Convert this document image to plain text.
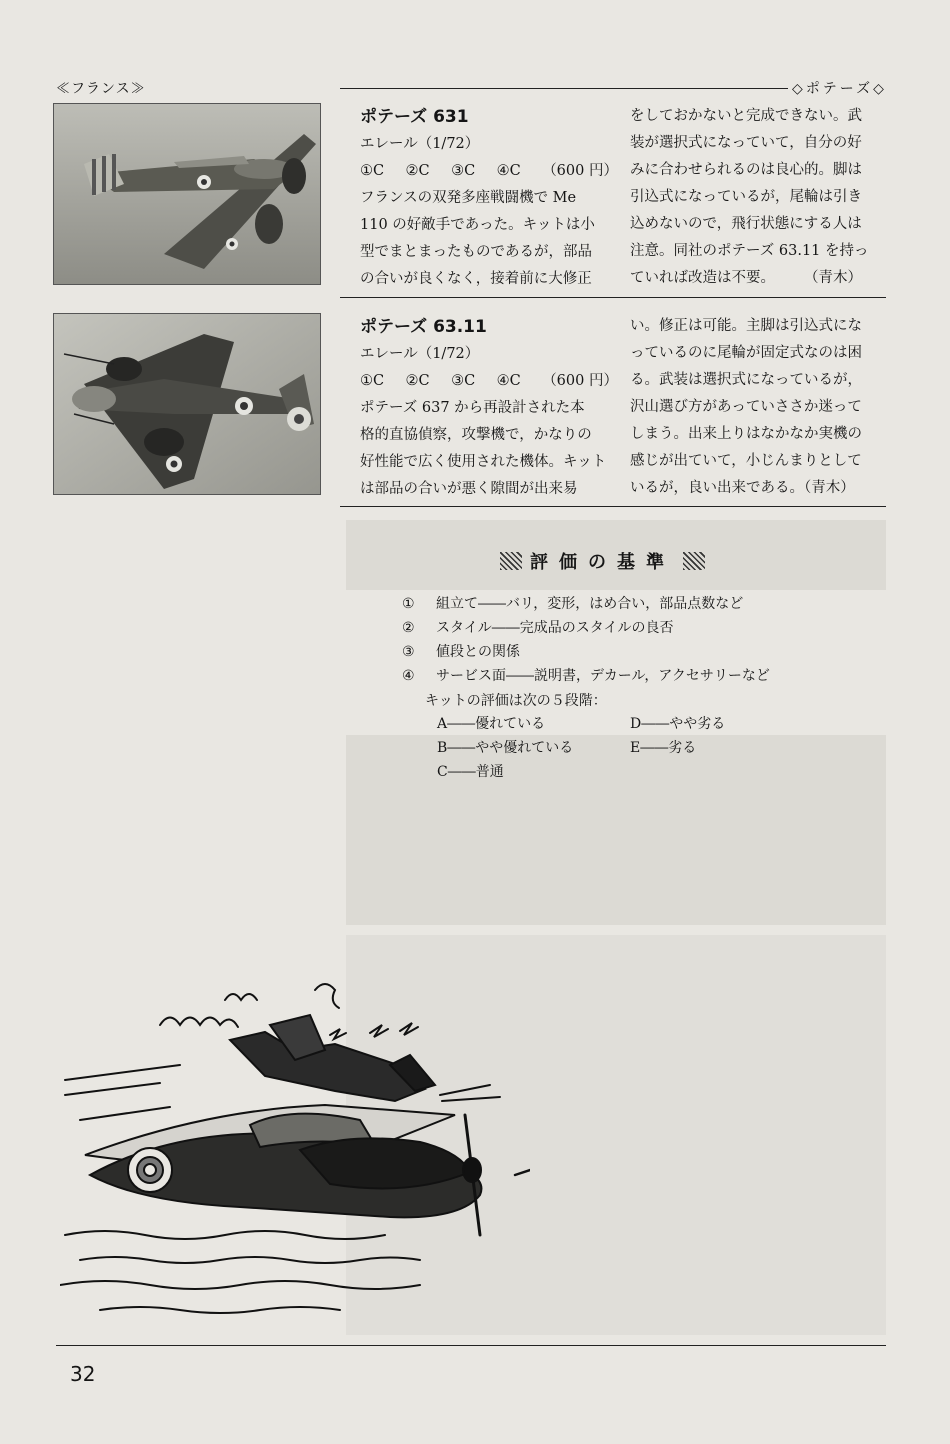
≪フランス≫	◇ポテーズ◇

ポテーズ 631

エレール（1/72）

①C ②C ③C ④C （600 円）

フランスの双発多座戦闘機で Me

110 の好敵手であった。キットは小

型でまとまったものであるが，部品

の合いが良くなく，接着前に大修正

をしておかないと完成できない。武

装が選択式になっていて，自分の好

みに合わせられるのは良心的。脚は

引込式になっているが，尾輪は引き

込めないので，飛行状態にする人は

注意。同社のポテーズ 63.11 を持っ

ていれば改造は不要。　　　（青木）

ポテーズ 63.11

エレール（1/72）

①C ②C ③C ④C （600 円）

ポテーズ 637 から再設計された本

格的直協偵察，攻撃機で，かなりの

好性能で広く使用された機体。キット

は部品の合いが悪く隙間が出来易

い。修正は可能。主脚は引込式にな

っているのに尾輪が固定式なのは困

る。武装は選択式になっているが，

沢山選び方があっていささか迷って

しまう。出来上りはなかなか実機の

感じが出ていて，小じんまりとして

いるが，良い出来である。（青木）

評価の基準
① 組立て――バリ，変形，はめ合い，部品点数など
② スタイル――完成品のスタイルの良否
③ 値段との関係
④ サービス面――説明書，デカール，アクセサリーなど
キットの評価は次の５段階：
A――優れている
B――やや優れている
C――普通
D――やや劣る
E――劣る
32
